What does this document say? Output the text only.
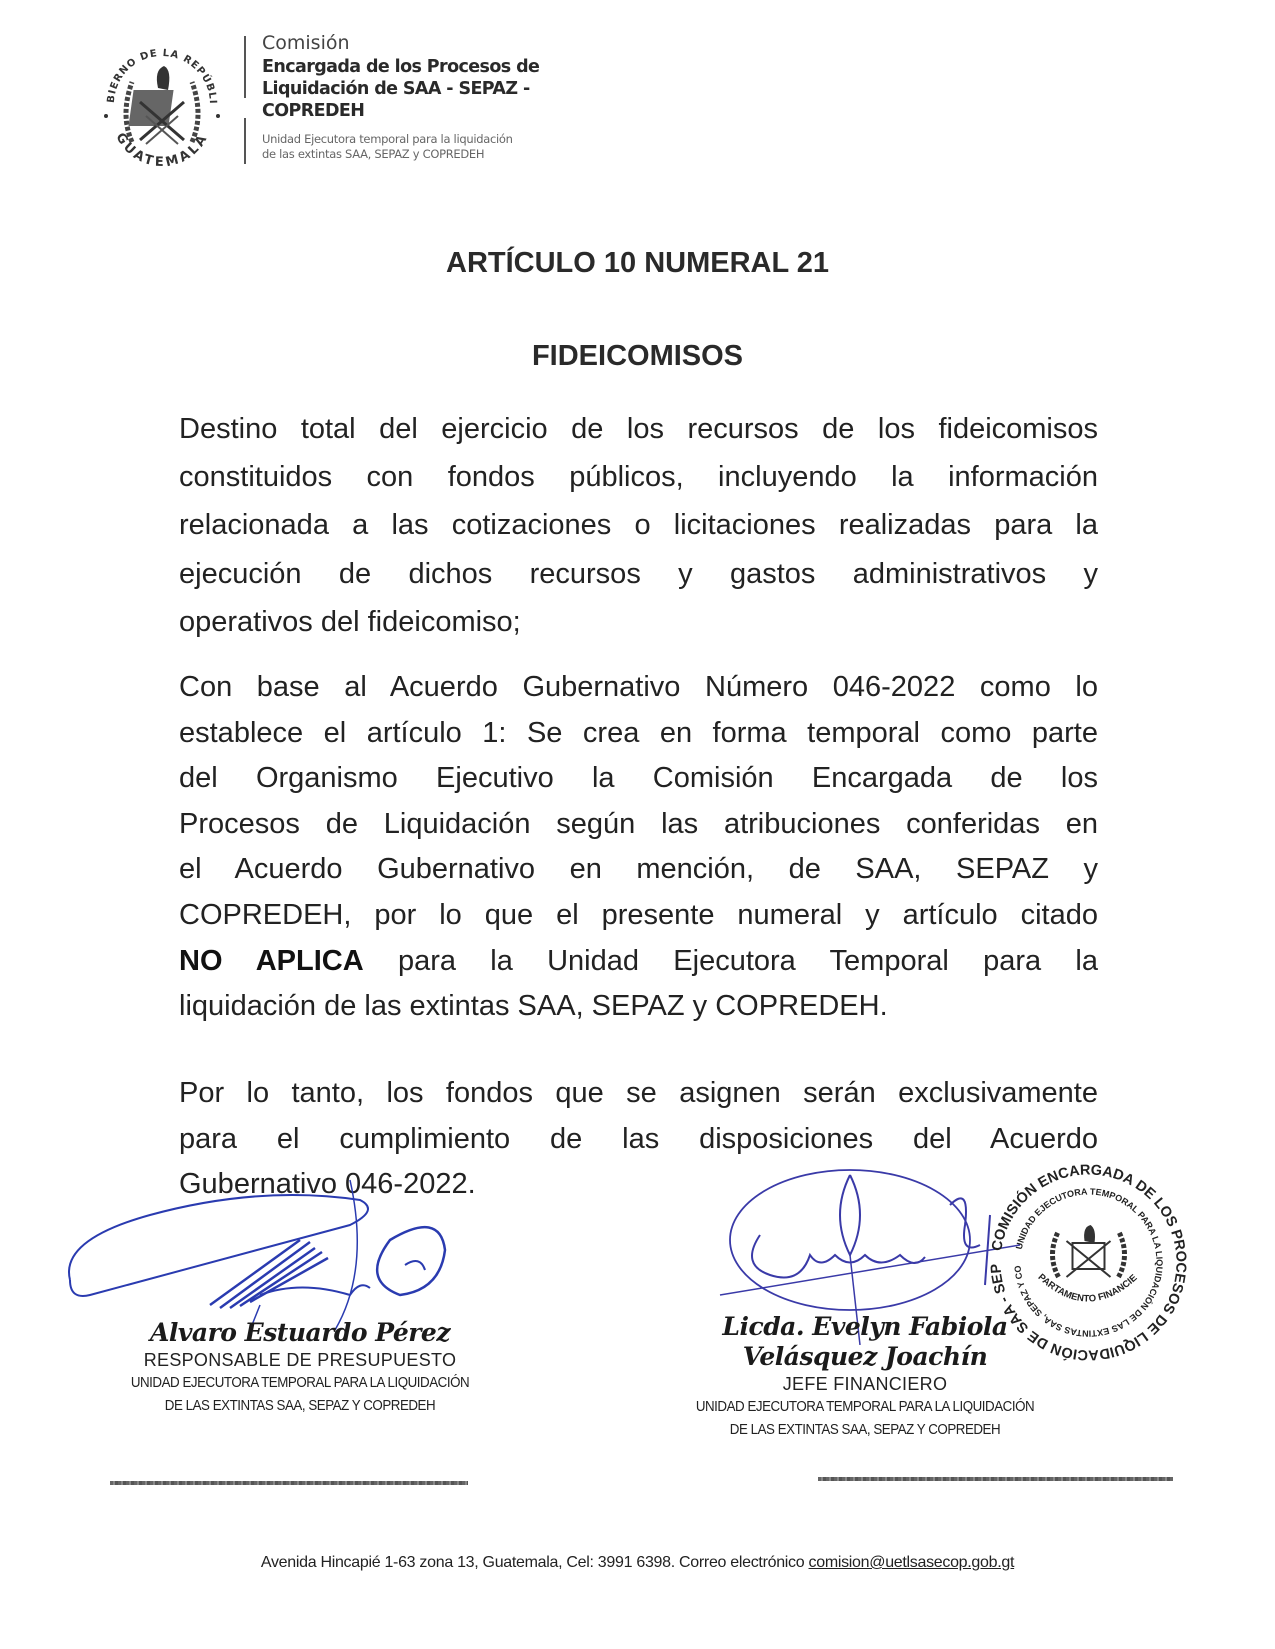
BIERNO DE LA REPÚBLI
GUATEMALA
Comisión
Encargada de los Procesos de
Liquidación de SAA - SEPAZ -
COPREDEH
Unidad Ejecutora temporal para la liquidación
de las extintas SAA, SEPAZ y COPREDEH
ARTÍCULO 10 NUMERAL 21
FIDEICOMISOS
Destino total del ejercicio de los recursos de los fideicomisos
constituidos con fondos públicos, incluyendo la información
relacionada a las cotizaciones o licitaciones realizadas para la
ejecución de dichos recursos y gastos administrativos y
operativos del fideicomiso;
Con base al Acuerdo Gubernativo Número 046-2022 como lo
establece el artículo 1: Se crea en forma temporal como parte
del Organismo Ejecutivo la Comisión Encargada de los
Procesos de Liquidación según las atribuciones conferidas en
el Acuerdo Gubernativo en mención, de SAA, SEPAZ y
COPREDEH, por lo que el presente numeral y artículo citado
NO APLICA para la Unidad Ejecutora Temporal para la
liquidación de las extintas SAA, SEPAZ y COPREDEH.
Por lo tanto, los fondos que se asignen serán exclusivamente
para el cumplimiento de las disposiciones del Acuerdo
Gubernativo 046-2022.
COMISIÓN ENCARGADA DE LOS PROCESOS DE LIQUIDACIÓN DE SAA - SEP
UNIDAD EJECUTORA TEMPORAL PARA LA LIQUIDACIÓN DE LAS EXTINTAS SAA, SEPAZ Y CO
PARTAMENTO FINANCIE
Alvaro Estuardo Pérez
RESPONSABLE DE PRESUPUESTO
UNIDAD EJECUTORA TEMPORAL PARA LA LIQUIDACIÓN
DE LAS EXTINTAS SAA, SEPAZ Y COPREDEH
Licda. Evelyn Fabiola Velásquez Joachín
JEFE FINANCIERO
UNIDAD EJECUTORA TEMPORAL PARA LA LIQUIDACIÓN
DE LAS EXTINTAS SAA, SEPAZ Y COPREDEH
Avenida Hincapié 1-63 zona 13, Guatemala, Cel: 3991 6398. Correo electrónico comision@uetlsasecop.gob.gt
